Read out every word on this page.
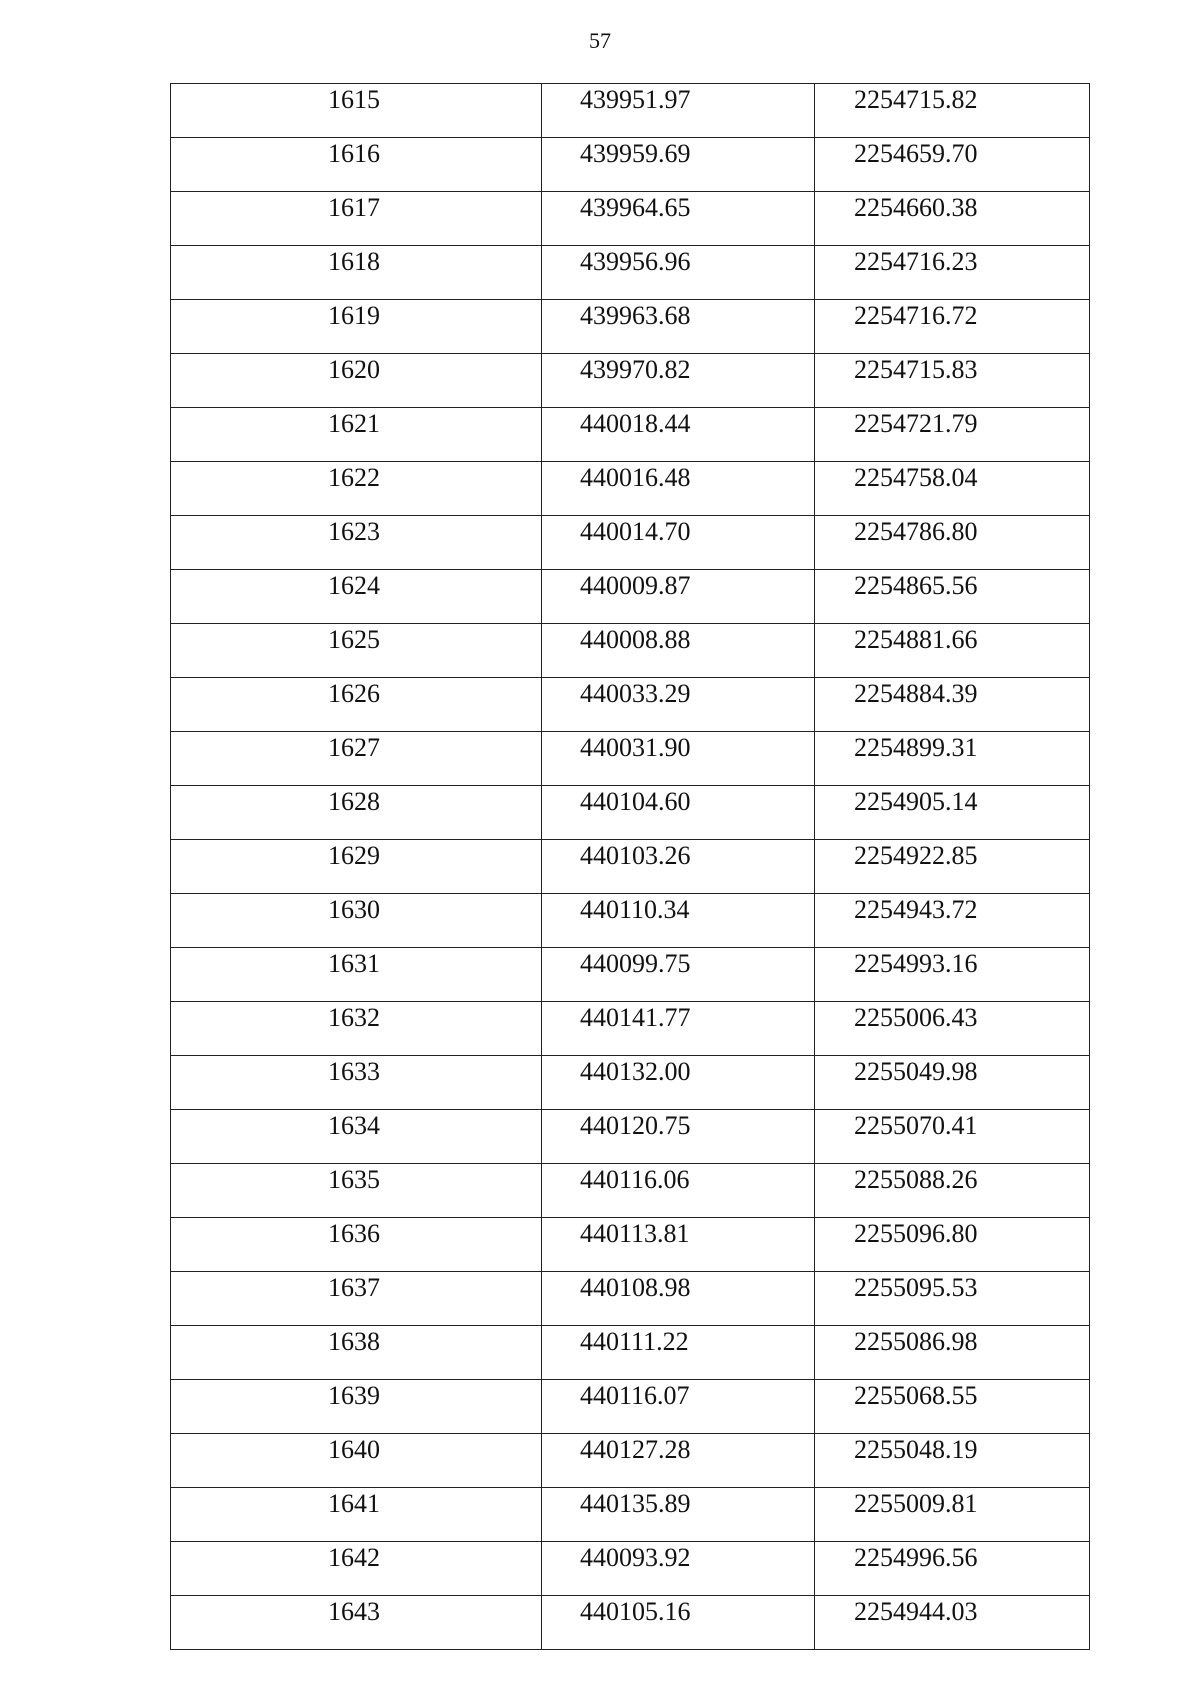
57
1615	439951.97	2254715.82

1616	439959.69	2254659.70

1617	439964.65	2254660.38

1618	439956.96	2254716.23

1619	439963.68	2254716.72

1620	439970.82	2254715.83

1621	440018.44	2254721.79

1622	440016.48	2254758.04

1623	440014.70	2254786.80

1624	440009.87	2254865.56

1625	440008.88	2254881.66

1626	440033.29	2254884.39

1627	440031.90	2254899.31

1628	440104.60	2254905.14

1629	440103.26	2254922.85

1630	440110.34	2254943.72

1631	440099.75	2254993.16

1632	440141.77	2255006.43

1633	440132.00	2255049.98

1634	440120.75	2255070.41

1635	440116.06	2255088.26

1636	440113.81	2255096.80

1637	440108.98	2255095.53

1638	440111.22	2255086.98

1639	440116.07	2255068.55

1640	440127.28	2255048.19

1641	440135.89	2255009.81

1642	440093.92	2254996.56

1643	440105.16	2254944.03
